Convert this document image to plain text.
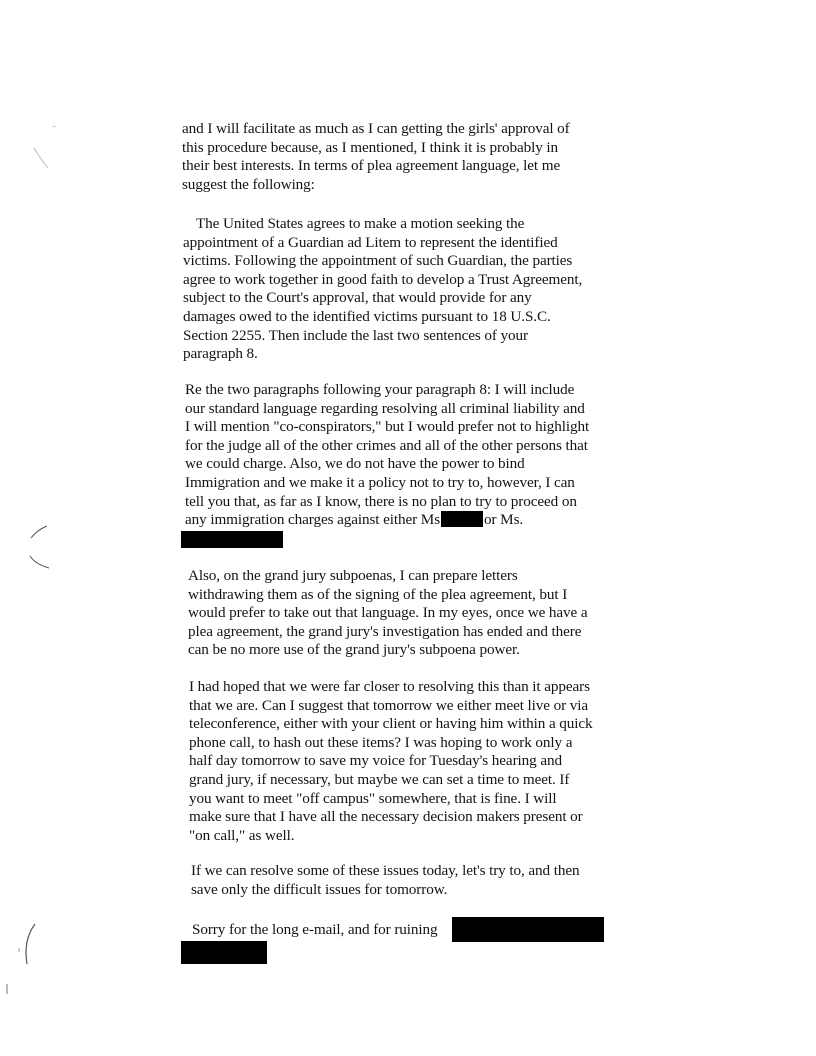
and I will facilitate as much as I can getting the girls' approval of
this procedure because, as I mentioned, I think it is probably in
their best interests. In terms of plea agreement language, let me
suggest the following:
The United States agrees to make a motion seeking the
appointment of a Guardian ad Litem to represent the identified
victims. Following the appointment of such Guardian, the parties
agree to work together in good faith to develop a Trust Agreement,
subject to the Court's approval, that would provide for any
damages owed to the identified victims pursuant to 18 U.S.C.
Section 2255. Then include the last two sentences of your
paragraph 8.
Re the two paragraphs following your paragraph 8: I will include
our standard language regarding resolving all criminal liability and
I will mention "co-conspirators," but I would prefer not to highlight
for the judge all of the other crimes and all of the other persons that
we could charge. Also, we do not have the power to bind
Immigration and we make it a policy not to try to, however, I can
tell you that, as far as I know, there is no plan to try to proceed on
any immigration charges against either Ms	or Ms.
Also, on the grand jury subpoenas, I can prepare letters
withdrawing them as of the signing of the plea agreement, but I
would prefer to take out that language. In my eyes, once we have a
plea agreement, the grand jury's investigation has ended and there
can be no more use of the grand jury's subpoena power.
I had hoped that we were far closer to resolving this than it appears
that we are. Can I suggest that tomorrow we either meet live or via
teleconference, either with your client or having him within a quick
phone call, to hash out these items? I was hoping to work only a
half day tomorrow to save my voice for Tuesday's hearing and
grand jury, if necessary, but maybe we can set a time to meet. If
you want to meet "off campus" somewhere, that is fine. I will
make sure that I have all the necessary decision makers present or
"on call," as well.
If we can resolve some of these issues today, let's try to, and then
save only the difficult issues for tomorrow.
Sorry for the long e-mail, and for ruining
